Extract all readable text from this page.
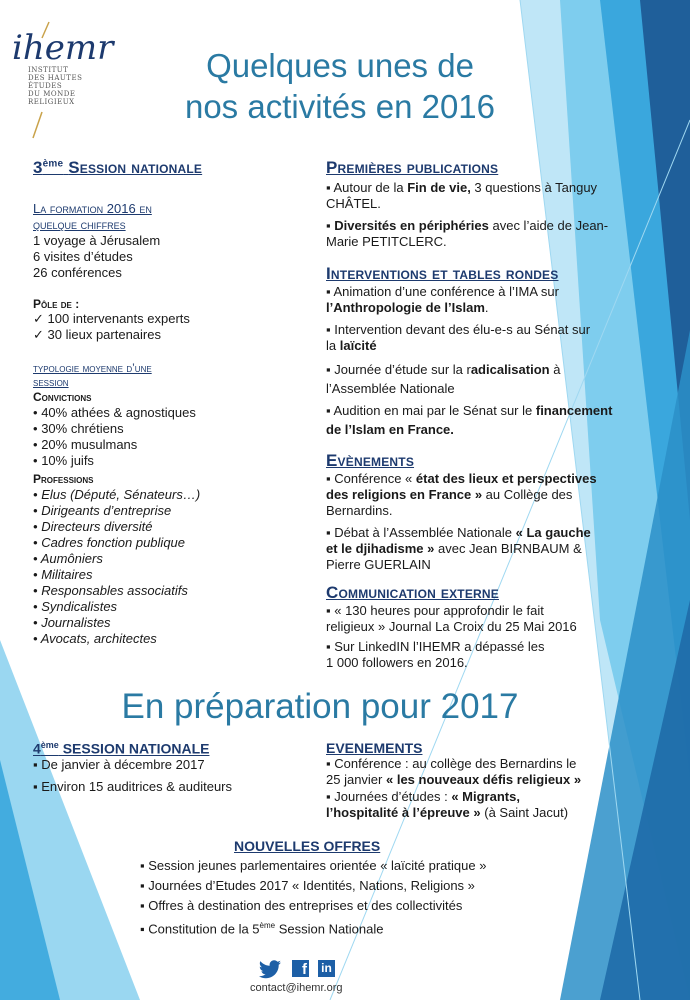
ihemr
INSTITUT
DES HAUTES
ÉTUDES
DU MONDE
RELIGIEUX
Quelques unes de
nos activités en 2016
3ème Session nationale
La formation 2016 en
quelque chiffres
1 voyage à Jérusalem
6 visites d’études
26 conférences
Pôle de :
✓ 100 intervenants experts
✓ 30 lieux partenaires
typologie moyenne d’une
session
Convictions
• 40% athées & agnostiques
• 30% chrétiens
• 20% musulmans
• 10% juifs
Professions
• Elus (Député, Sénateurs…)
• Dirigeants d’entreprise
• Directeurs diversité
• Cadres fonction publique
• Aumôniers
• Militaires
• Responsables associatifs
• Syndicalistes
• Journalistes
• Avocats, architectes
Premières publications
▪ Autour de la Fin de vie, 3 questions à Tanguy
CHÂTEL.
▪ Diversités en périphéries avec l’aide de Jean-
Marie PETITCLERC.
Interventions et tables rondes
▪ Animation d’une conférence à l’IMA sur
l’Anthropologie de l’Islam.
▪ Intervention devant des élu-e-s au Sénat sur
la laïcité
▪ Journée d’étude sur la radicalisation à
l’Assemblée Nationale
▪ Audition en mai par le Sénat sur le financement
de l’Islam en France.
Evènements
▪ Conférence « état des lieux et perspectives
des religions en France » au Collège des
Bernardins.
▪ Débat à l’Assemblée Nationale « La gauche
et le djihadisme » avec Jean BIRNBAUM &
Pierre GUERLAIN
Communication externe
▪ « 130 heures pour approfondir le fait
religieux » Journal La Croix du 25 Mai 2016
▪ Sur LinkedIN l’IHEMR a dépassé les
1 000 followers en 2016.
En préparation pour 2017
4ème SESSION NATIONALE
▪ De janvier à décembre 2017
▪ Environ 15 auditrices & auditeurs
EVENEMENTS
▪ Conférence : au collège des Bernardins le
25 janvier « les nouveaux défis religieux »
▪ Journées d’études : « Migrants,
l’hospitalité à l’épreuve » (à Saint Jacut)
NOUVELLES OFFRES
▪ Session jeunes parlementaires orientée « laïcité pratique »
▪ Journées d’Etudes 2017 « Identités, Nations, Religions »
▪ Offres à destination des entreprises et des collectivités
▪ Constitution de la 5ème Session Nationale
f in
contact@ihemr.org
